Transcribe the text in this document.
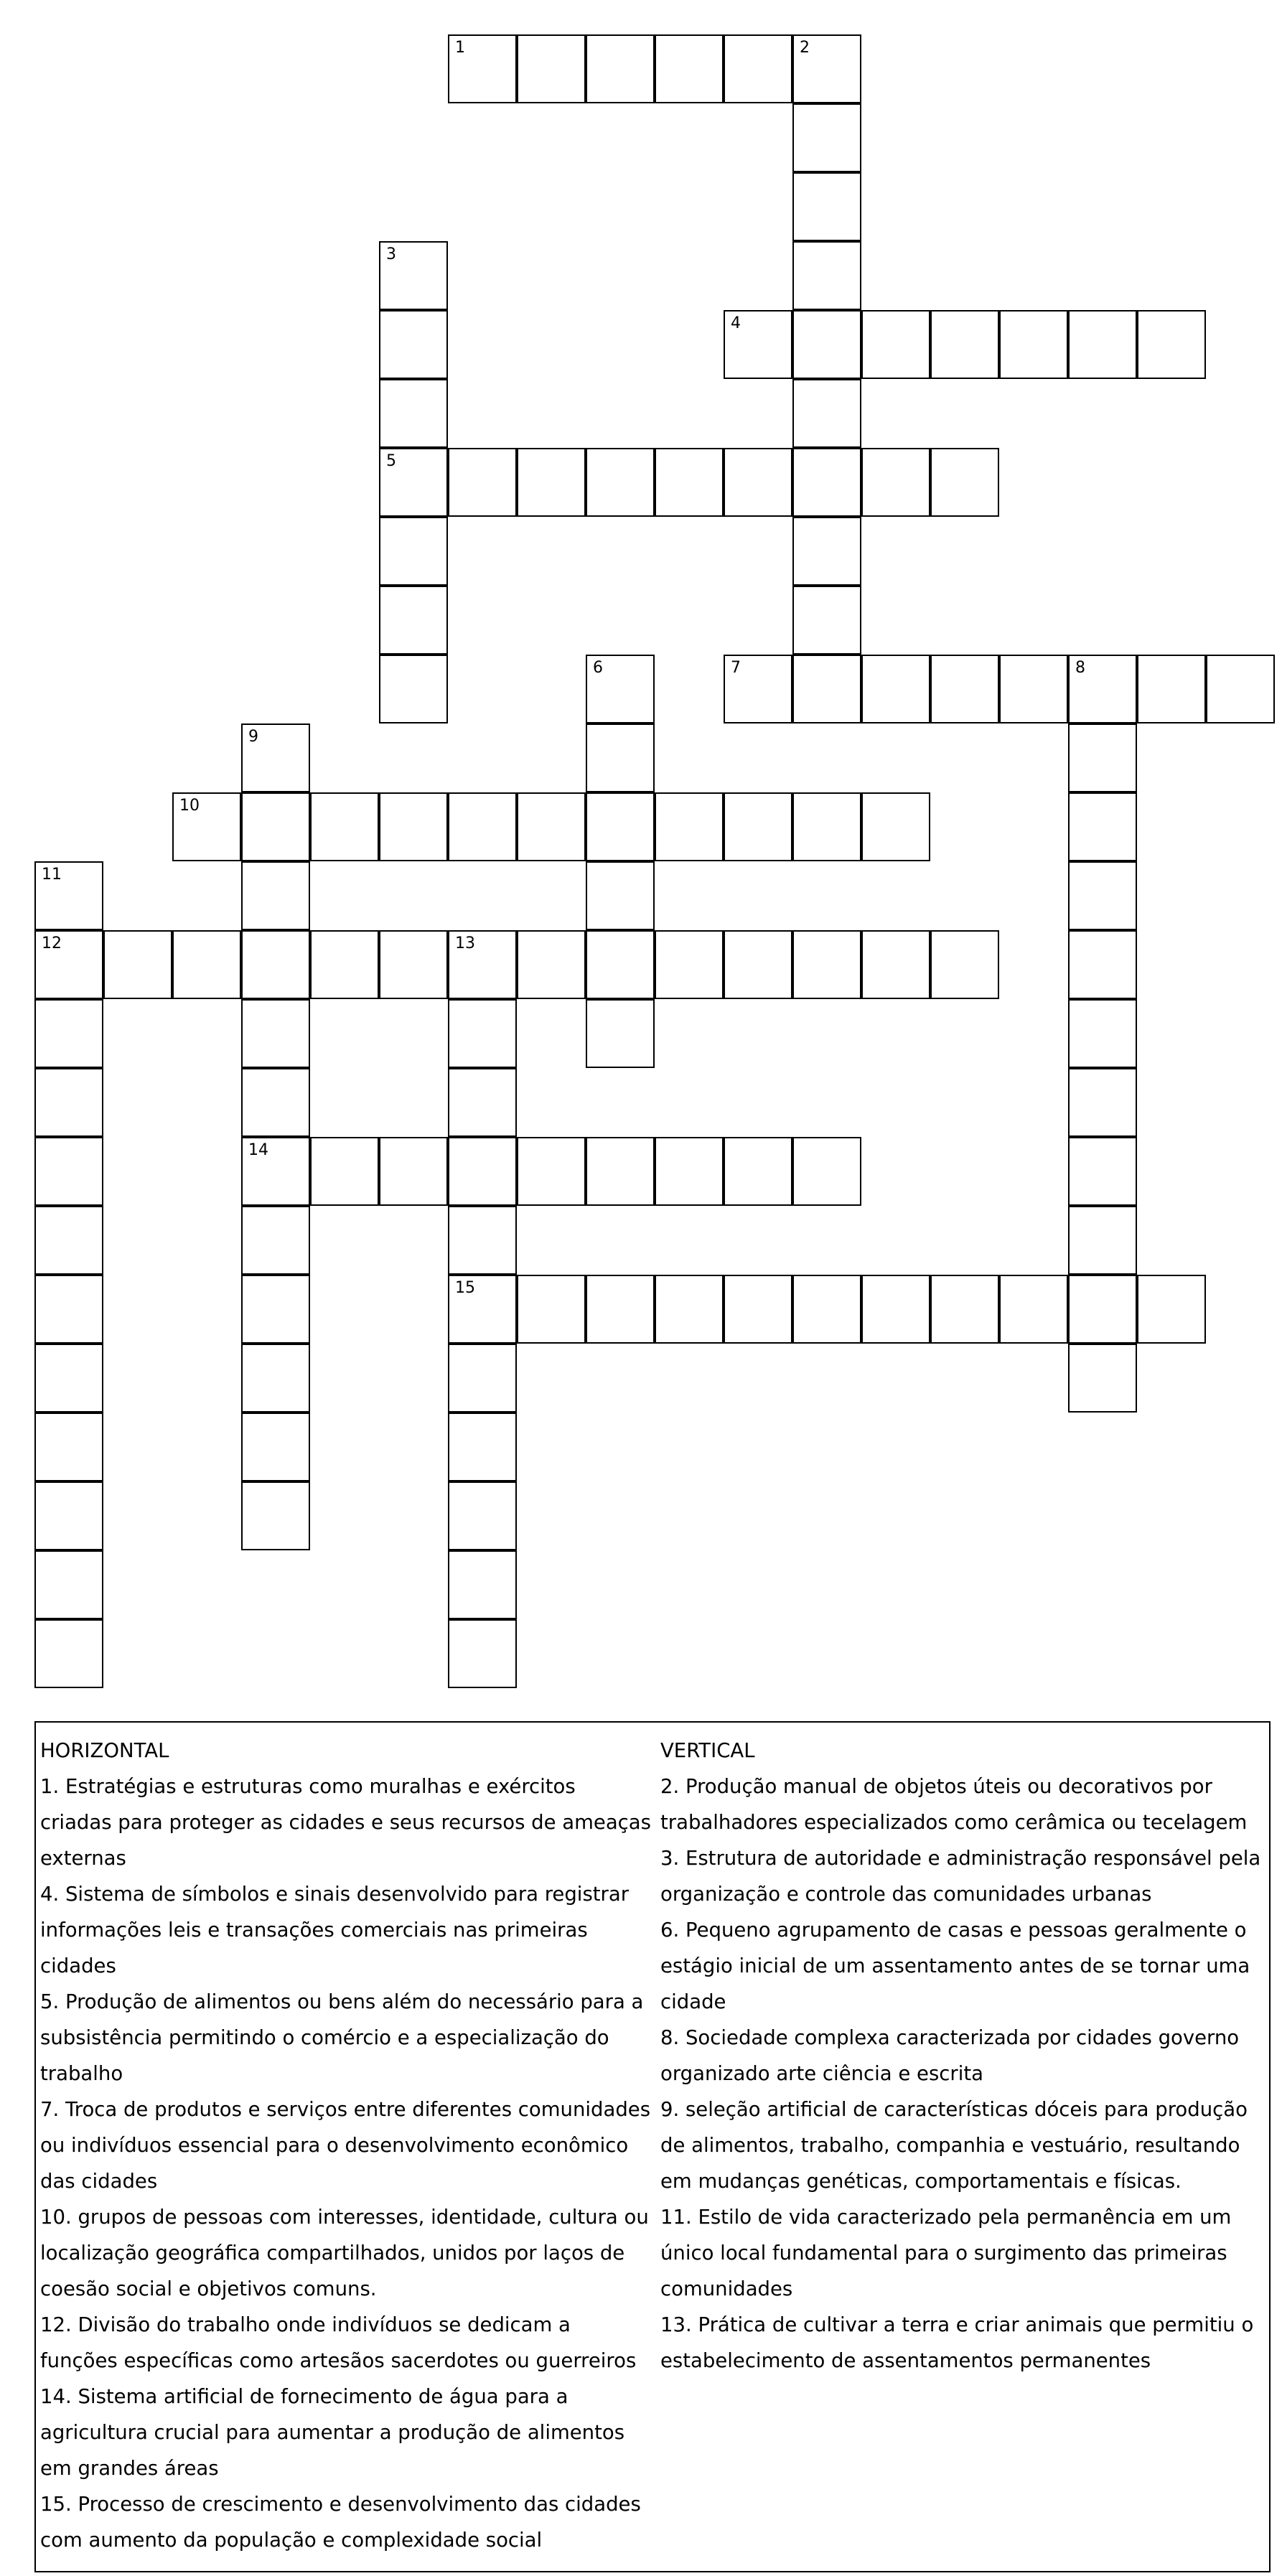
1	2
3
5
4
6	7	8
9
14
10
11
12	13
15

HORIZONTAL

1. Estratégias e estruturas como muralhas e exércitos criadas para proteger as cidades e seus recursos de ameaças externas

4. Sistema de símbolos e sinais desenvolvido para registrar informações leis e transações comerciais nas primeiras cidades

5. Produção de alimentos ou bens além do necessário para a subsistência permitindo o comércio e a especialização do trabalho

7. Troca de produtos e serviços entre diferentes comunidades ou indivíduos essencial para o desenvolvimento econômico das cidades

10. grupos de pessoas com interesses, identidade, cultura ou localização geográfica compartilhados, unidos por laços de coesão social e objetivos comuns.

12. Divisão do trabalho onde indivíduos se dedicam a funções específicas como artesãos sacerdotes ou guerreiros

14. Sistema artificial de fornecimento de água para a agricultura crucial para aumentar a produção de alimentos em grandes áreas

15. Processo de crescimento e desenvolvimento das cidades com aumento da população e complexidade social

VERTICAL

2. Produção manual de objetos úteis ou decorativos por trabalhadores especializados como cerâmica ou tecelagem

3. Estrutura de autoridade e administração responsável pela organização e controle das comunidades urbanas

6. Pequeno agrupamento de casas e pessoas geralmente o estágio inicial de um assentamento antes de se tornar uma cidade

8. Sociedade complexa caracterizada por cidades governo organizado arte ciência e escrita

9. seleção artificial de características dóceis para produção de alimentos, trabalho, companhia e vestuário, resultando em mudanças genéticas, comportamentais e físicas.

11. Estilo de vida caracterizado pela permanência em um único local fundamental para o surgimento das primeiras comunidades

13. Prática de cultivar a terra e criar animais que permitiu o estabelecimento de assentamentos permanentes
